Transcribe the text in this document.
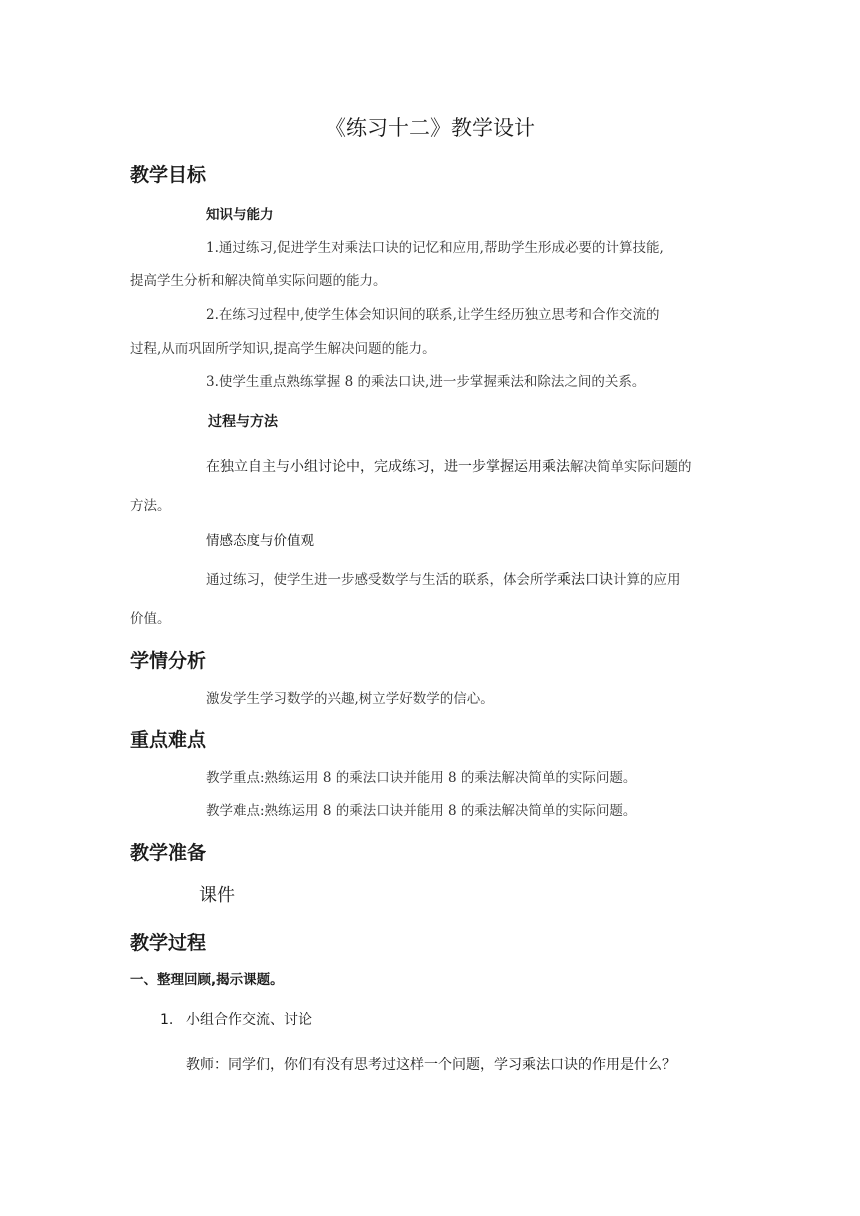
《练习十二》教学设计
教学目标
知识与能力
1.通过练习,促进学生对乘法口诀的记忆和应用,帮助学生形成必要的计算技能,
提高学生分析和解决简单实际问题的能力。
2.在练习过程中,使学生体会知识间的联系,让学生经历独立思考和合作交流的
过程,从而巩固所学知识,提高学生解决问题的能力。
3.使学生重点熟练掌握 8 的乘法口诀,进一步掌握乘法和除法之间的关系。
过程与方法
在独立自主与小组讨论中，完成练习，进一步掌握运用乘法解决简单实际问题的
方法。
情感态度与价值观
通过练习，使学生进一步感受数学与生活的联系，体会所学乘法口诀计算的应用
价值。
学情分析
激发学生学习数学的兴趣,树立学好数学的信心。
重点难点
教学重点:熟练运用 8 的乘法口诀并能用 8 的乘法解决简单的实际问题。
教学难点:熟练运用 8 的乘法口诀并能用 8 的乘法解决简单的实际问题。
教学准备
课件
教学过程
一、整理回顾,揭示课题。
1. 小组合作交流、讨论
教师：同学们，你们有没有思考过这样一个问题，学习乘法口诀的作用是什么？
